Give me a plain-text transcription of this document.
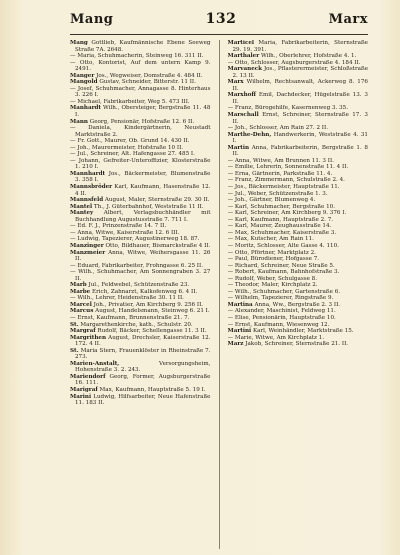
Mang	132	Marx

Mang Gottlieb, Kaufmännische Ebene Seeweg Straße 7A. 2648.

— Maria, Schuhmacherin, Steinweg 16. 311 II.

— Otto, Kontorist, Auf dem untern Kamp 9. 2491.

Manger Jos., Wegweiser, Domstraße 4. 484 II.

Mangold Gustav, Schneider, Bitterstr. 11 II.

— Josef, Schuhmacher, Annagasse 8. Hinterhaus 3. 226 I.

— Michael, Fabrikarbeiter, Weg 5. 473 III.

Manhardt Wilh., Obersteiger, Bergstraße 11. 48 I.

Mann Georg, Pensionär, Hofstraße 12. 6 II.

— Daniela, Kindergärtnerin, Neustadt Marktstraße 2.

— Fr. Gott., Maurer, Ob. Grund 14. 430 II.

— Joh., Maurermeister, Hofstraße 10 II.

— Jul., Schreiner, Alt. Hafengasse 27. 485 I.

— Johann, Gefreiter-Unteroffizier, Klosterstraße 1. 210 I.

Mannhardt Jos., Bäckermeister, Blumenstraße 3. 358 I.

Mannsbröder Karl, Kaufmann, Hasenstraße 12. 4 II.

Mannsfeld August, Maler, Sternstraße 29. 30 II.

Mantel Th., J. Güterbahnhof, Weststraße 11 II.

Mantey Albert, Verlagsbuchhändler mit Buchhandlung Augustusstraße 7. 711 I.

— Ed. F. J., Prinzenstraße 14. 7 II.

— Anna, Witwe, Kaiserstraße 12. 6 III.

— Ludwig, Tapezierer, Augustinerweg 18. 87.

Manzinger Otto, Bildhauer, Bismarckstraße 4 II.

Manzmeier Anna, Witwe, Weihersgasse 11. 26 II.

— Eduard, Fabrikarbeiter, Frohngasse 6. 25 II.

— Wilh., Schuhmacher, Am Sonnengraben 3. 27 II.

Marb Jul., Feldwebel, Schützenstraße 23.

Marbe Erich, Zahnarzt, Kalkofenweg 6. 4 II.

— Wilh., Lehrer, Heidenstraße 30. 11 II.

Marcel Joh., Privatier, Am Kirchberg 9. 256 II.

Marcus August, Handelsmann, Steinweg 6. 21 I.

— Ernst, Kaufmann, Brunnenstraße 21. 7.

St. Margarethenkirche, kath., Schulstr. 20.

Margraf Rudolf, Bäcker, Schellengasse 11. 3 II.

Margrithen August, Drechsler, Kaiserstraße 12. 172. 4 II.

St. Maria Stern, Frauenklöster in Rheinstraße 7. 273.

Marien-Anstalt, Versorgungsheim, Hohenstraße 3. 2. 243.

Mariendorf Georg, Former, Augsburgerstraße 16. 111.

Marigraf Max, Kaufmann, Hauptstraße 5. 19 I.

Marini Ludwig, Hilfsarbeiter, Neue Hafenstraße 11. 183 II.

Marticel Maria, Fabrikarbeiterin, Sternstraße 29. 19. 391.

Marthaler Wilh., Oberlehrer, Hofstraße 4. 1.

— Otto, Schlosser, Augsburgerstraße 4. 184 II.

Marvaneck Jos., Pflasterermeister, Schloßstraße 2. 13 II.

Marx Wilhelm, Rechtsanwalt, Ackerweg 8. 176 II.

Marxhoff Emil, Dachdecker, Hügelstraße 13. 3 II.

— Franz, Bürogehilfe, Kasernenweg 3. 35.

Marschall Ernst, Schreiner, Sternstraße 17. 3 II.

— Joh., Schlosser, Am Rain 27. 2 II.

Marthe-Dehn, Handwerkerin, Weststraße 4. 31 I.

Martin Anna, Fabrikarbeiterin, Bergstraße 1. 8 II.

— Anna, Witwe, Am Brunnen 11. 3 II.

— Emilie, Lehrerin, Sonnenstraße 11. 4 II.

— Erna, Gärtnerin, Parkstraße 11. 4.

— Franz, Zimmermann, Schulstraße 2. 4.

— Jos., Bäckermeister, Hauptstraße 11.

— Jul., Weber, Schützenstraße 1. 3.

— Joh., Gärtner, Blumenweg 4.

— Karl, Schuhmacher, Bergstraße 10.

— Karl, Schreiner, Am Kirchberg 9. 376 I.

— Karl, Kaufmann, Hauptstraße 2. 7.

— Karl, Maurer, Zeughausstraße 14.

— Max, Schuhmacher, Kaiserstraße 3.

— Max, Kutscher, Am Rain 11.

— Moritz, Schlosser, Alte Gasse 4. 110.

— Otto, Pförtner, Marktplatz 2.

— Paul, Bürodiener, Hofgasse 7.

— Richard, Schreiner, Neue Straße 5.

— Robert, Kaufmann, Bahnhofstraße 3.

— Rudolf, Weber, Schulgasse 8.

— Theodor, Maler, Kirchplatz 2.

— Wilh., Schuhmacher, Gartenstraße 6.

— Wilhelm, Tapezierer, Ringstraße 9.

Martina Anna, Ww., Bergstraße 2. 3 II.

— Alexander, Maschinist, Feldweg 11.

— Elise, Pensionärin, Hauptstraße 10.

— Ernst, Kaufmann, Wiesenweg 12.

Martini Karl, Weinhändler, Marktstraße 15.

— Marie, Witwe, Am Kirchplatz 1.

Marz Jakob, Schreiner, Sternstraße 21. II.
